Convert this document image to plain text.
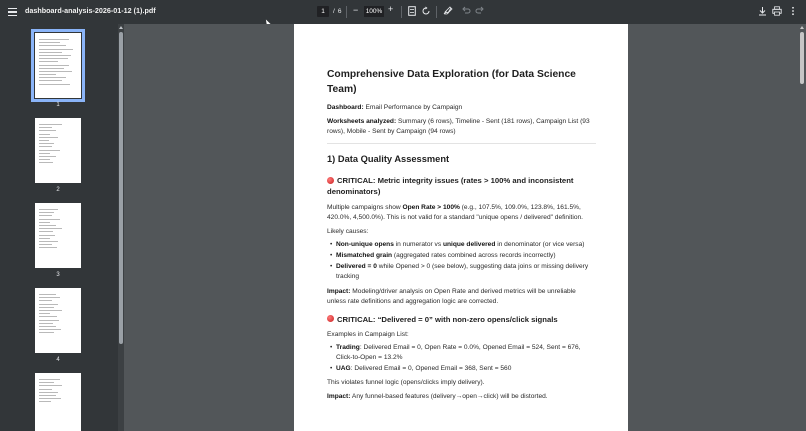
dashboard-analysis-2026-01-12 (1).pdf	1	/ 6 − 100% +
1
2
3
4
Comprehensive Data Exploration (for Data Science Team)

Dashboard: Email Performance by Campaign

Worksheets analyzed: Summary (6 rows), Timeline - Sent (181 rows), Campaign List (93 rows), Mobile - Sent by Campaign (94 rows)

1) Data Quality Assessment
CRITICAL: Metric integrity issues (rates > 100% and inconsistent denominators)

Multiple campaigns show Open Rate > 100% (e.g., 107.5%, 109.0%, 123.8%, 161.5%, 420.0%, 4,500.0%). This is not valid for a standard "unique opens / delivered" definition.

Likely causes:

• Non-unique opens in numerator vs unique delivered in denominator (or vice versa)
• Mismatched grain (aggregated rates combined across records incorrectly)
• Delivered = 0 while Opened > 0 (see below), suggesting data joins or missing delivery tracking

Impact: Modeling/driver analysis on Open Rate and derived metrics will be unreliable unless rate definitions and aggregation logic are corrected.

CRITICAL: “Delivered = 0” with non-zero opens/click signals

Examples in Campaign List:

• Trading: Delivered Email = 0, Open Rate = 0.0%, Opened Email = 524, Sent = 676, Click-to-Open = 13.2%
• UAG: Delivered Email = 0, Opened Email = 368, Sent = 560

This violates funnel logic (opens/clicks imply delivery).

Impact: Any funnel-based features (delivery→open→click) will be distorted.
